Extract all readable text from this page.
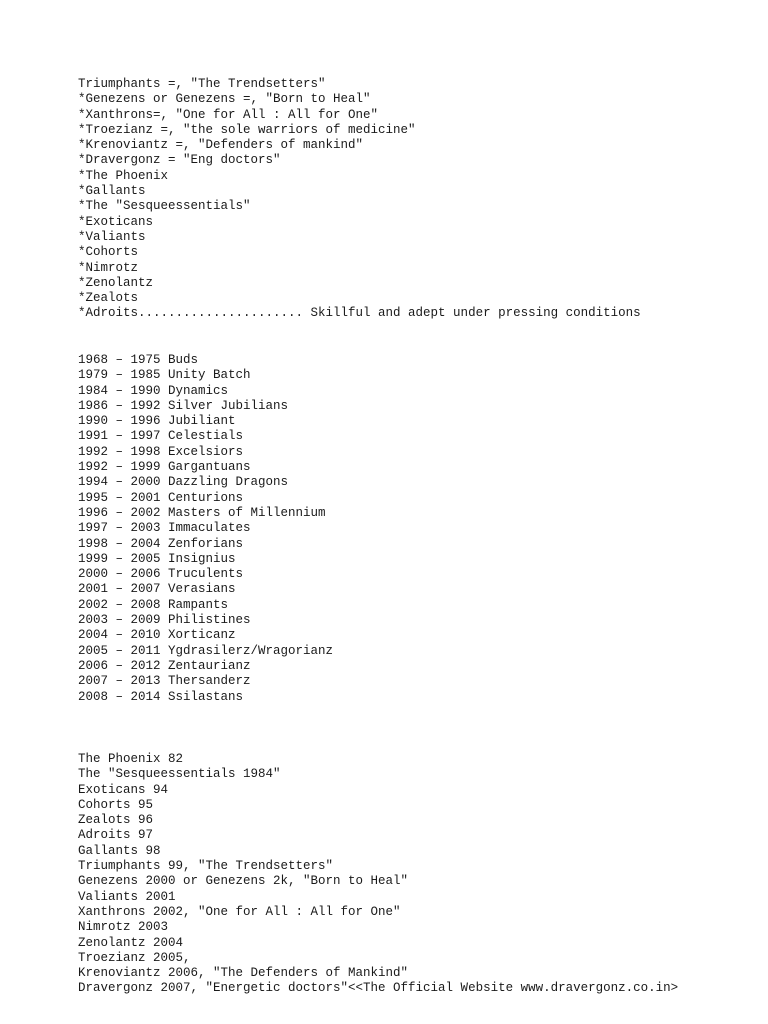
Triumphants =, "The Trendsetters"
*Genezens or Genezens =, "Born to Heal"
*Xanthrons=, "One for All : All for One"
*Troezianz =, "the sole warriors of medicine"
*Krenoviantz =, "Defenders of mankind"
*Dravergonz = "Eng doctors"
*The Phoenix
*Gallants
*The "Sesqueessentials"
*Exoticans
*Valiants
*Cohorts
*Nimrotz
*Zenolantz
*Zealots
*Adroits...................... Skillful and adept under pressing conditions
1968 – 1975 Buds
1979 – 1985 Unity Batch
1984 – 1990 Dynamics
1986 – 1992 Silver Jubilians
1990 – 1996 Jubiliant
1991 – 1997 Celestials
1992 – 1998 Excelsiors
1992 – 1999 Gargantuans
1994 – 2000 Dazzling Dragons
1995 – 2001 Centurions
1996 – 2002 Masters of Millennium
1997 – 2003 Immaculates
1998 – 2004 Zenforians
1999 – 2005 Insignius
2000 – 2006 Truculents
2001 – 2007 Verasians
2002 – 2008 Rampants
2003 – 2009 Philistines
2004 – 2010 Xorticanz
2005 – 2011 Ygdrasilerz/Wragorianz
2006 – 2012 Zentaurianz
2007 – 2013 Thersanderz
2008 – 2014 Ssilastans
The Phoenix 82
The "Sesqueessentials 1984"
Exoticans 94
Cohorts 95
Zealots 96
Adroits 97
Gallants 98
Triumphants 99, "The Trendsetters"
Genezens 2000 or Genezens 2k, "Born to Heal"
Valiants 2001
Xanthrons 2002, "One for All : All for One"
Nimrotz 2003
Zenolantz 2004
Troezianz 2005,
Krenoviantz 2006, "The Defenders of Mankind"
Dravergonz 2007, "Energetic doctors"<<The Official Website www.dravergonz.co.in>
